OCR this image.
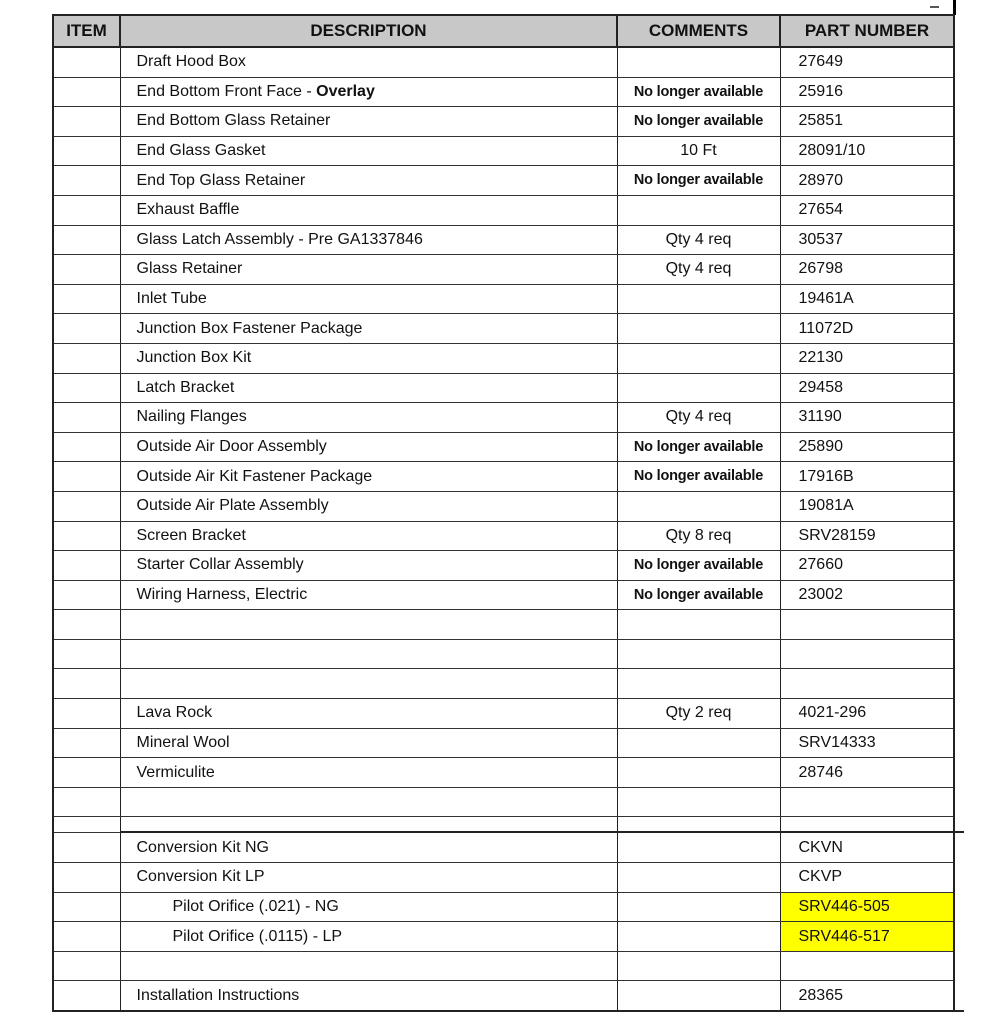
ITEM	DESCRIPTION	COMMENTS	PART NUMBER	
	Draft Hood Box		27649	
	End Bottom Front Face - Overlay	No longer available	25916	
	End Bottom Glass Retainer	No longer available	25851	
	End Glass Gasket	10 Ft	28091/10	
	End Top Glass Retainer	No longer available	28970	
	Exhaust Baffle		27654	
	Glass Latch Assembly - Pre GA1337846	Qty 4 req	30537	
	Glass Retainer	Qty 4 req	26798	
	Inlet Tube		19461A	
	Junction Box Fastener Package		11072D	
	Junction Box Kit		22130	
	Latch Bracket		29458	
	Nailing Flanges	Qty 4 req	31190	
	Outside Air Door Assembly	No longer available	25890	
	Outside Air Kit Fastener Package	No longer available	17916B	
	Outside Air Plate Assembly		19081A	
	Screen Bracket	Qty 8 req	SRV28159	
	Starter Collar Assembly	No longer available	27660	
	Wiring Harness, Electric	No longer available	23002	

	Lava Rock	Qty 2 req	4021-296	
	Mineral Wool		SRV14333	
	Vermiculite		28746	

	Conversion Kit NG		CKVN	
	Conversion Kit LP		CKVP	
	Pilot Orifice (.021) - NG		SRV446-505	
	Pilot Orifice (.0115) - LP		SRV446-517	

	Installation Instructions		28365	
